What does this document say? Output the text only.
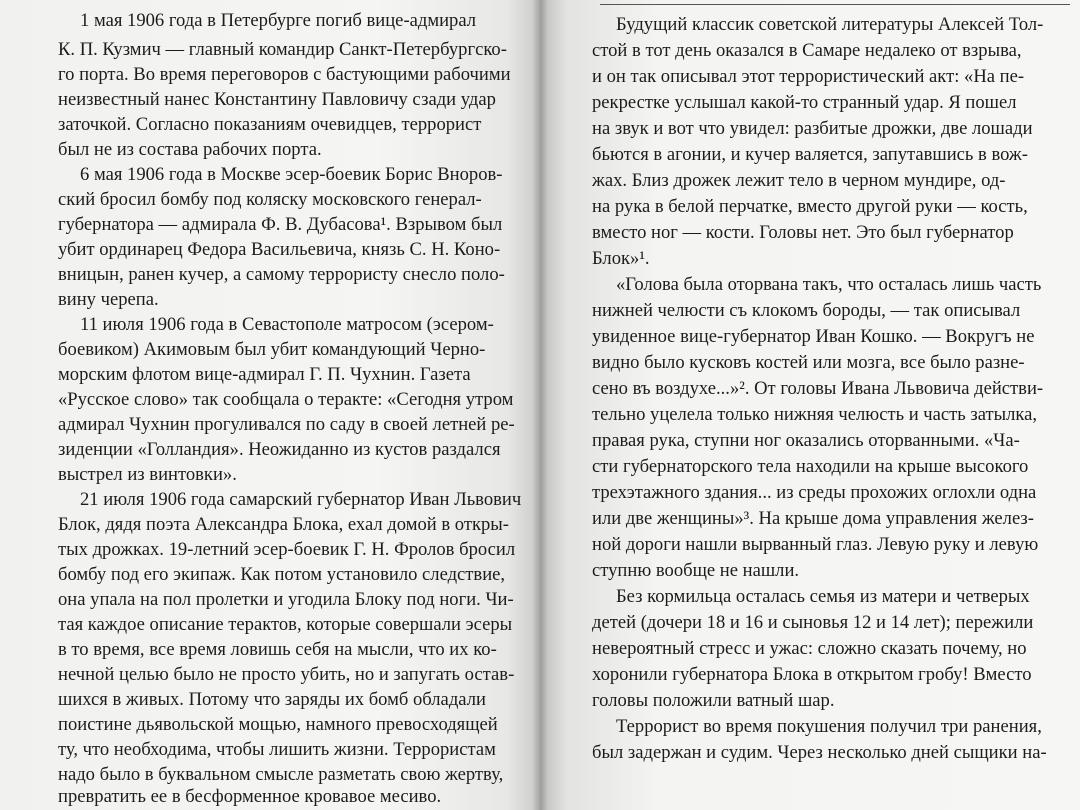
1 мая 1906 года в Петербурге погиб вице-адмирал

К. П. Кузмич — главный командир Санкт-Петербургско-

го порта. Во время переговоров с бастующими рабочими

неизвестный нанес Константину Павловичу сзади удар

заточкой. Согласно показаниям очевидцев, террорист

был не из состава рабочих порта.

6 мая 1906 года в Москве эсер-боевик Борис Вноров-

ский бросил бомбу под коляску московского генерал-

губернатора — адмирала Ф. В. Дубасова¹. Взрывом был

убит ординарец Федора Васильевича, князь С. Н. Коно-

вницын, ранен кучер, а самому террористу снесло поло-

вину черепа.

11 июля 1906 года в Севастополе матросом (эсером-

боевиком) Акимовым был убит командующий Черно-

морским флотом вице-адмирал Г. П. Чухнин. Газета

«Русское слово» так сообщала о теракте: «Сегодня утром

адмирал Чухнин прогуливался по саду в своей летней ре-

зиденции «Голландия». Неожиданно из кустов раздался

выстрел из винтовки».

21 июля 1906 года самарский губернатор Иван Львович

Блок, дядя поэта Александра Блока, ехал домой в откры-

тых дрожках. 19-летний эсер-боевик Г. Н. Фролов бросил

бомбу под его экипаж. Как потом установило следствие,

она упала на пол пролетки и угодила Блоку под ноги. Чи-

тая каждое описание терактов, которые совершали эсеры

в то время, все время ловишь себя на мысли, что их ко-

нечной целью было не просто убить, но и запугать остав-

шихся в живых. Потому что заряды их бомб обладали

поистине дьявольской мощью, намного превосходящей

ту, что необходима, чтобы лишить жизни. Террористам

надо было в буквальном смысле разметать свою жертву,

превратить ее в бесформенное кровавое месиво.

Будущий классик советской литературы Алексей Тол-

стой в тот день оказался в Самаре недалеко от взрыва,

и он так описывал этот террористический акт: «На пе-

рекрестке услышал какой-то странный удар. Я пошел

на звук и вот что увидел: разбитые дрожки, две лошади

бьются в агонии, и кучер валяется, запутавшись в вож-

жах. Близ дрожек лежит тело в черном мундире, од-

на рука в белой перчатке, вместо другой руки — кость,

вместо ног — кости. Головы нет. Это был губернатор

Блок»¹.

«Голова была оторвана такъ, что осталась лишь часть

нижней челюсти съ клокомъ бороды, — так описывал

увиденное вице-губернатор Иван Кошко. — Вокругъ не

видно было кусковъ костей или мозга, все было разне-

сено въ воздухе...»². От головы Ивана Львовича действи-

тельно уцелела только нижняя челюсть и часть затылка,

правая рука, ступни ног оказались оторванными. «Ча-

сти губернаторского тела находили на крыше высокого

трехэтажного здания... из среды прохожих оглохли одна

или две женщины»³. На крыше дома управления желез-

ной дороги нашли вырванный глаз. Левую руку и левую

ступню вообще не нашли.

Без кормильца осталась семья из матери и четверых

детей (дочери 18 и 16 и сыновья 12 и 14 лет); пережили

невероятный стресс и ужас: сложно сказать почему, но

хоронили губернатора Блока в открытом гробу! Вместо

головы положили ватный шар.

Террорист во время покушения получил три ранения,

был задержан и судим. Через несколько дней сыщики на-
